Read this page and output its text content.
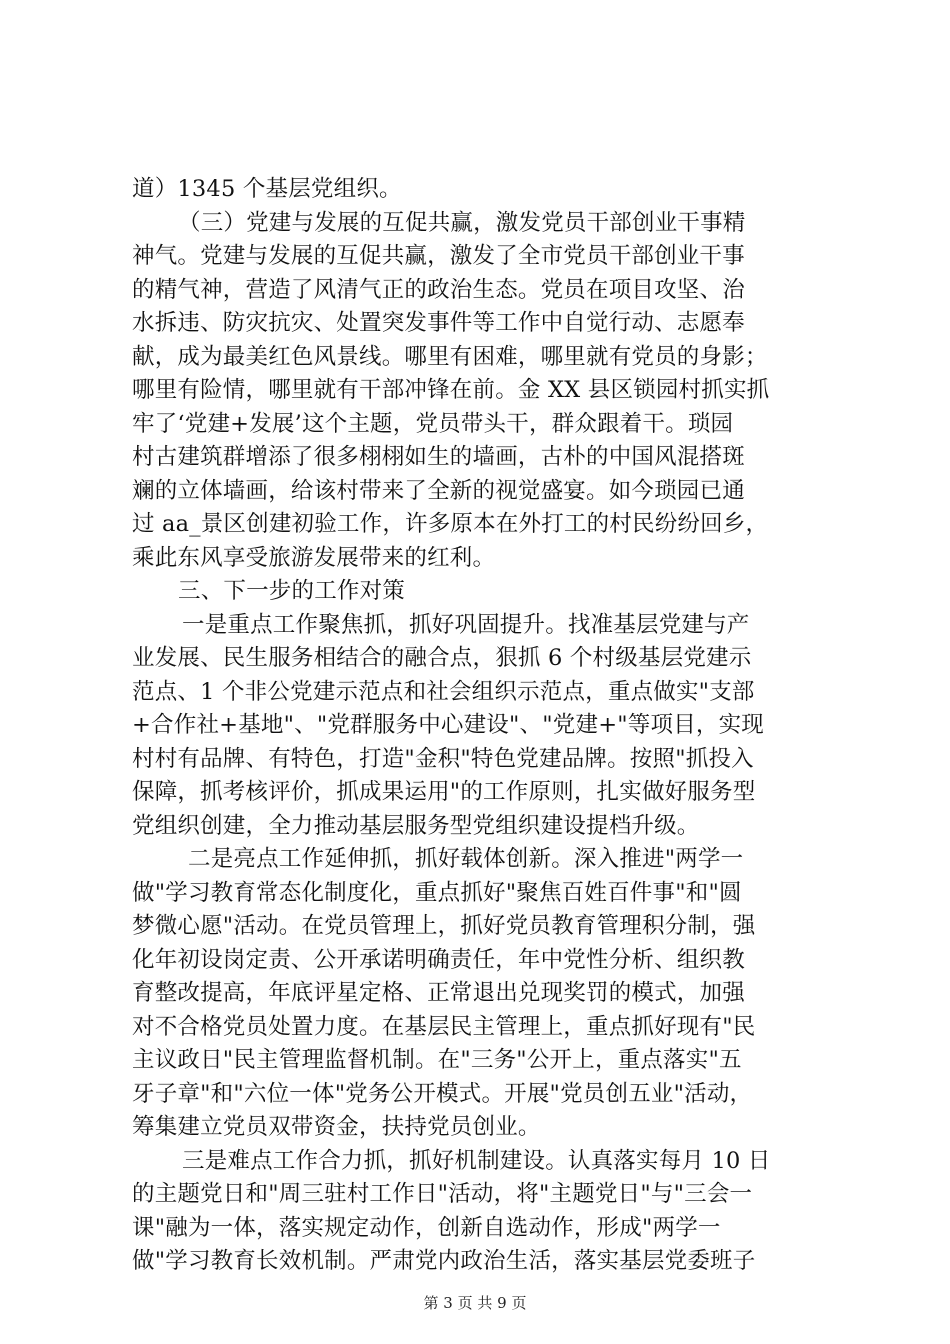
道）1345 个基层党组织。
（三）党建与发展的互促共赢，激发党员干部创业干事精
神气。党建与发展的互促共赢，激发了全市党员干部创业干事
的精气神，营造了风清气正的政治生态。党员在项目攻坚、治
水拆违、防灾抗灾、处置突发事件等工作中自觉行动、志愿奉
献，成为最美红色风景线。哪里有困难，哪里就有党员的身影；
哪里有险情，哪里就有干部冲锋在前。金 XX 县区锁园村抓实抓
牢了‘党建+发展’这个主题，党员带头干，群众跟着干。琐园
村古建筑群增添了很多栩栩如生的墙画，古朴的中国风混搭斑
斓的立体墙画，给该村带来了全新的视觉盛宴。如今琐园已通
过 aa_景区创建初验工作，许多原本在外打工的村民纷纷回乡，
乘此东风享受旅游发展带来的红利。
三、下一步的工作对策
一是重点工作聚焦抓，抓好巩固提升。找准基层党建与产
业发展、民生服务相结合的融合点，狠抓 6 个村级基层党建示
范点、1 个非公党建示范点和社会组织示范点，重点做实"支部
+合作社+基地"、"党群服务中心建设"、"党建+"等项目，实现
村村有品牌、有特色，打造"金积"特色党建品牌。按照"抓投入
保障，抓考核评价，抓成果运用"的工作原则，扎实做好服务型
党组织创建，全力推动基层服务型党组织建设提档升级。
二是亮点工作延伸抓，抓好载体创新。深入推进"两学一
做"学习教育常态化制度化，重点抓好"聚焦百姓百件事"和"圆
梦微心愿"活动。在党员管理上，抓好党员教育管理积分制，强
化年初设岗定责、公开承诺明确责任，年中党性分析、组织教
育整改提高，年底评星定格、正常退出兑现奖罚的模式，加强
对不合格党员处置力度。在基层民主管理上，重点抓好现有"民
主议政日"民主管理监督机制。在"三务"公开上，重点落实"五
牙子章"和"六位一体"党务公开模式。开展"党员创五业"活动，
筹集建立党员双带资金，扶持党员创业。
三是难点工作合力抓，抓好机制建设。认真落实每月 10 日
的主题党日和"周三驻村工作日"活动，将"主题党日"与"三会一
课"融为一体，落实规定动作，创新自选动作，形成"两学一
做"学习教育长效机制。严肃党内政治生活，落实基层党委班子
第 3 页 共 9 页
